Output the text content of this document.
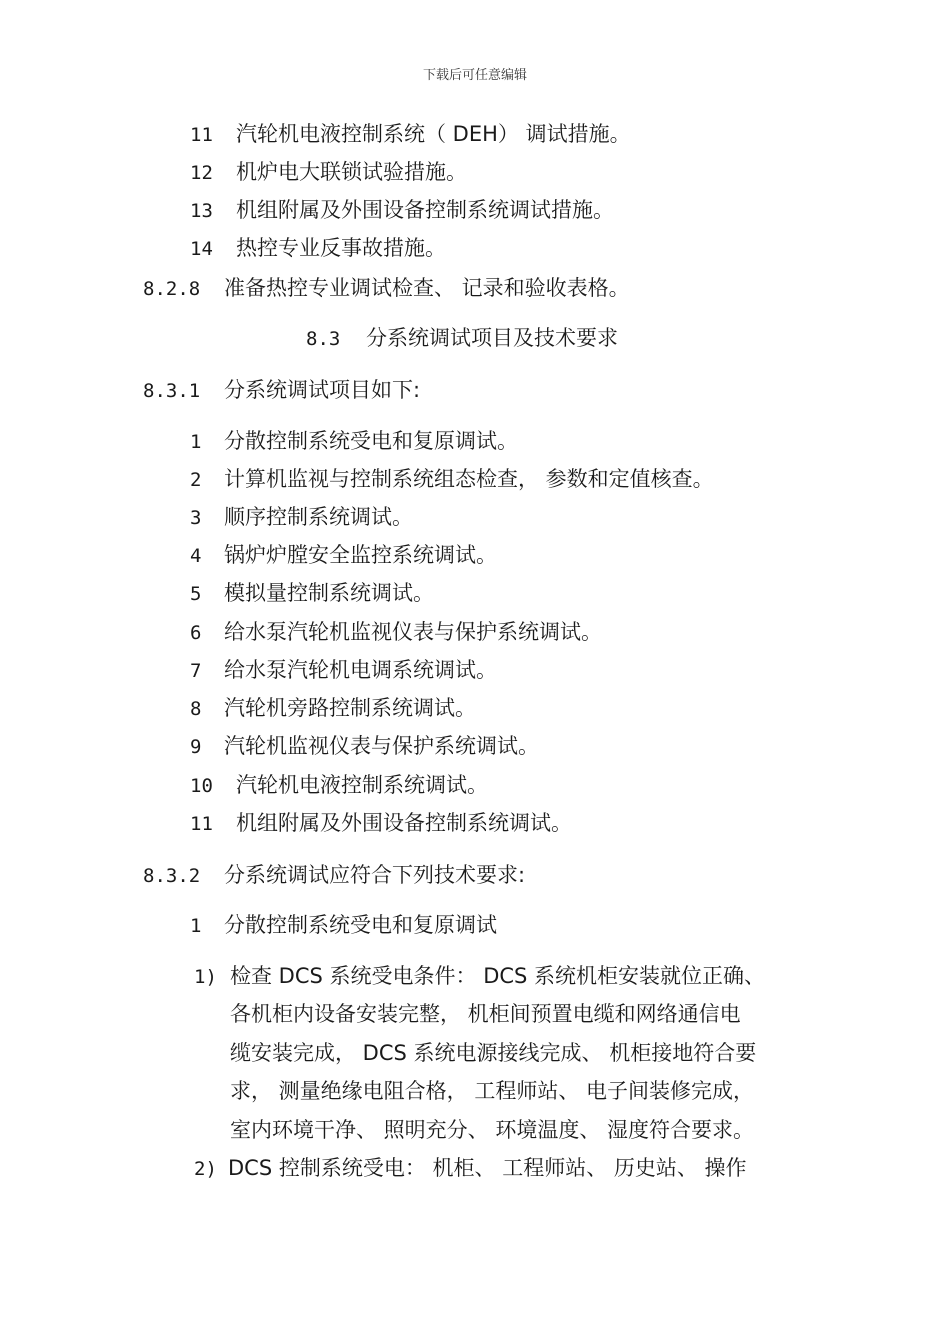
下载后可任意编辑
11 汽轮机电液控制系统（ DEH） 调试措施。
12 机炉电大联锁试验措施。
13 机组附属及外围设备控制系统调试措施。
14 热控专业反事故措施。
8.2.8 准备热控专业调试检查、 记录和验收表格。
8.3 分系统调试项目及技术要求
8.3.1 分系统调试项目如下:
1 分散控制系统受电和复原调试。
2 计算机监视与控制系统组态检查， 参数和定值核查。
3 顺序控制系统调试。
4 锅炉炉膛安全监控系统调试。
5 模拟量控制系统调试。
6 给水泵汽轮机监视仪表与保护系统调试。
7 给水泵汽轮机电调系统调试。
8 汽轮机旁路控制系统调试。
9 汽轮机监视仪表与保护系统调试。
10 汽轮机电液控制系统调试。
11 机组附属及外围设备控制系统调试。
8.3.2 分系统调试应符合下列技术要求:
1 分散控制系统受电和复原调试
1) 检查 DCS 系统受电条件： DCS 系统机柜安装就位正确、
各机柜内设备安装完整， 机柜间预置电缆和网络通信电
缆安装完成， DCS 系统电源接线完成、 机柜接地符合要
求， 测量绝缘电阻合格， 工程师站、 电子间装修完成，
室内环境干净、 照明充分、 环境温度、 湿度符合要求。
2) DCS 控制系统受电： 机柜、 工程师站、 历史站、 操作
